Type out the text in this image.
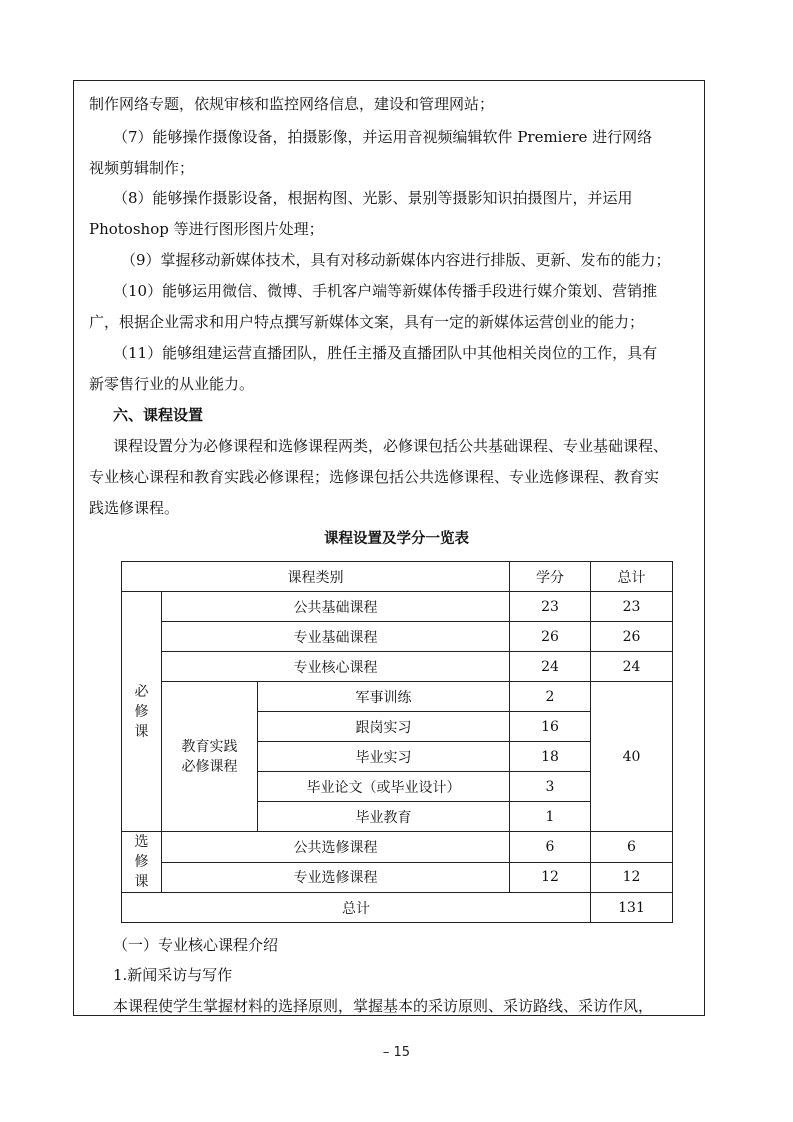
制作网络专题，依规审核和监控网络信息，建设和管理网站；
（7）能够操作摄像设备，拍摄影像，并运用音视频编辑软件 Premiere 进行网络
视频剪辑制作；
（8）能够操作摄影设备，根据构图、光影、景别等摄影知识拍摄图片，并运用
Photoshop 等进行图形图片处理；
（9）掌握移动新媒体技术，具有对移动新媒体内容进行排版、更新、发布的能力；
（10）能够运用微信、微博、手机客户端等新媒体传播手段进行媒介策划、营销推
广，根据企业需求和用户特点撰写新媒体文案，具有一定的新媒体运营创业的能力；
（11）能够组建运营直播团队，胜任主播及直播团队中其他相关岗位的工作，具有
新零售行业的从业能力。
六、课程设置
课程设置分为必修课程和选修课程两类，必修课包括公共基础课程、专业基础课程、
专业核心课程和教育实践必修课程；选修课包括公共选修课程、专业选修课程、教育实
践选修课程。
课程设置及学分一览表
课程类别			学分	总计

必
修
课	公共基础课程		23	23
	专业基础课程		26	26
	专业核心课程		24	24

	教育实践
必修课程	军事训练	2	40
		跟岗实习	16	
		毕业实习	18	
		毕业论文（或毕业设计）	3	
		毕业教育	1	

选
修
课	公共选修课程		6	6
	专业选修课程		12	12
总计				131
（一）专业核心课程介绍
1.新闻采访与写作
本课程使学生掌握材料的选择原则，掌握基本的采访原则、采访路线、采访作风，
– 15
